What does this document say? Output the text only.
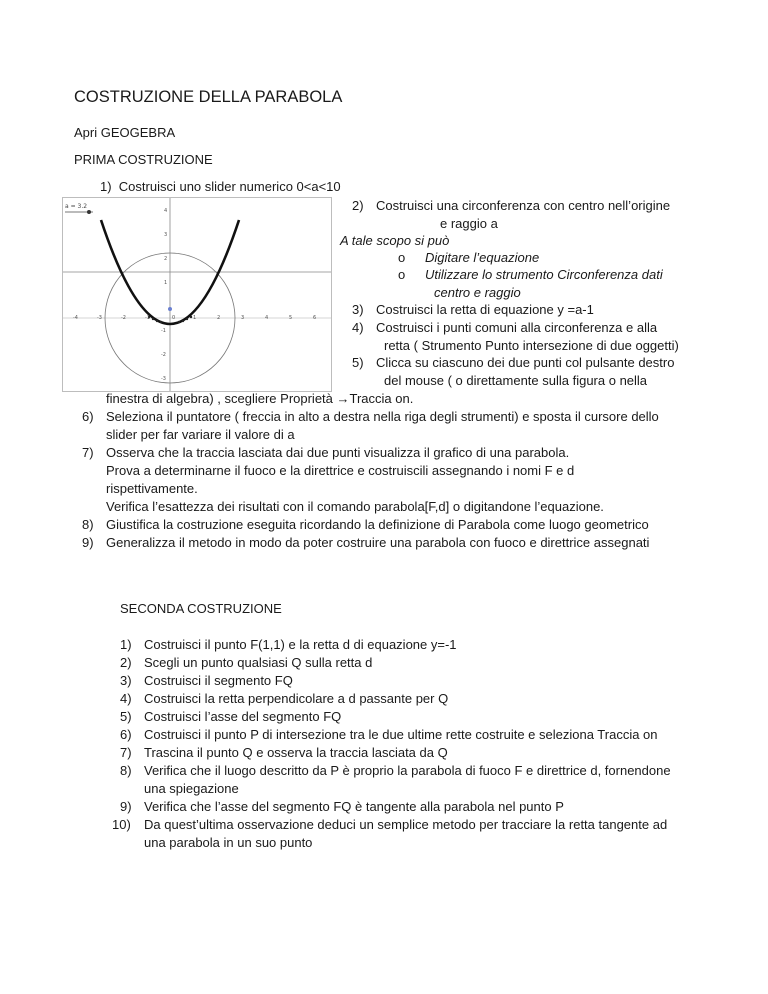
COSTRUZIONE DELLA PARABOLA
Apri GEOGEBRA
PRIMA COSTRUZIONE
1) Costruisci uno slider numerico 0<a<10
a = 3.2
-4	-3	-2	-1	0	1	2	3	4	5	6
4
3
2
1
-1
-2
-3
2) Costruisci una circonferenza con centro nell’origine
e raggio a
A tale scopo si può
o Digitare l’equazione
o Utilizzare lo strumento Circonferenza dati
centro e raggio
3) Costruisci la retta di equazione y =a-1
4) Costruisci i punti comuni alla circonferenza e alla
retta ( Strumento Punto intersezione di due oggetti)
5) Clicca su ciascuno dei due punti col pulsante destro
del mouse ( o direttamente sulla figura o nella
finestra di algebra) , scegliere Proprietà →Traccia on.
6) Seleziona il puntatore ( freccia in alto a destra nella riga degli strumenti) e sposta il cursore dello
slider per far variare il valore di a
7) Osserva che la traccia lasciata dai due punti visualizza il grafico di una parabola.
Prova a determinarne il fuoco e la direttrice e costruiscili assegnando i nomi F e d
rispettivamente.
Verifica l’esattezza dei risultati con il comando parabola[F,d] o digitandone l’equazione.
8) Giustifica la costruzione eseguita ricordando la definizione di Parabola come luogo geometrico
9) Generalizza il metodo in modo da poter costruire una parabola con fuoco e direttrice assegnati
SECONDA COSTRUZIONE
1) Costruisci il punto F(1,1) e la retta d di equazione y=-1
2) Scegli un punto qualsiasi Q sulla retta d
3) Costruisci il segmento FQ
4) Costruisci la retta perpendicolare a d passante per Q
5) Costruisci l’asse del segmento FQ
6) Costruisci il punto P di intersezione tra le due ultime rette costruite e seleziona Traccia on
7) Trascina il punto Q e osserva la traccia lasciata da Q
8) Verifica che il luogo descritto da P è proprio la parabola di fuoco F e direttrice d, fornendone
una spiegazione
9) Verifica che l’asse del segmento FQ è tangente alla parabola nel punto P
10) Da quest’ultima osservazione deduci un semplice metodo per tracciare la retta tangente ad
una parabola in un suo punto
